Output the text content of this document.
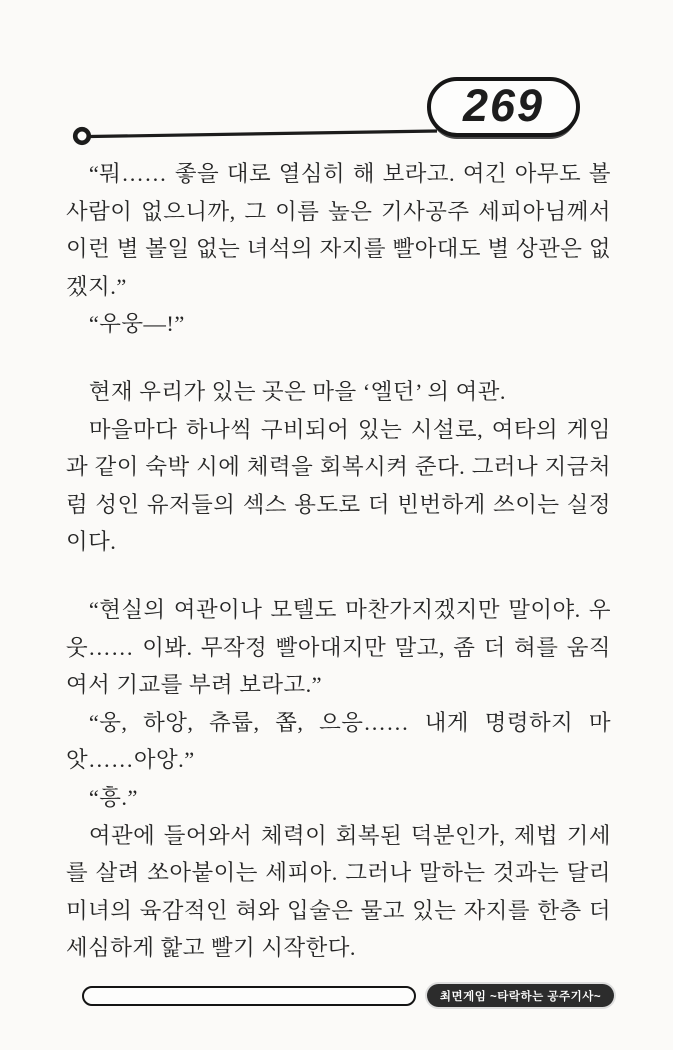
269

“뭐…… 좋을 대로 열심히 해 보라고. 여긴 아무도 볼 사람이 없으니까, 그 이름 높은 기사공주 세피아님께서 이런 별 볼일 없는 녀석의 자지를 빨아대도 별 상관은 없겠지.”

“우웅―!”

현재 우리가 있는 곳은 마을 ‘엘던’ 의 여관.

마을마다 하나씩 구비되어 있는 시설로, 여타의 게임과 같이 숙박 시에 체력을 회복시켜 준다. 그러나 지금처럼 성인 유저들의 섹스 용도로 더 빈번하게 쓰이는 실정이다.

“현실의 여관이나 모텔도 마찬가지겠지만 말이야. 우웃…… 이봐. 무작정 빨아대지만 말고, 좀 더 혀를 움직여서 기교를 부려 보라고.”

“웅, 하앙, 츄룹, 쫍, 으응…… 내게 명령하지 마앗……아앙.”

“흥.”

여관에 들어와서 체력이 회복된 덕분인가, 제법 기세를 살려 쏘아붙이는 세피아. 그러나 말하는 것과는 달리 미녀의 육감적인 혀와 입술은 물고 있는 자지를 한층 더 세심하게 핥고 빨기 시작한다.

최면게임 ~타락하는 공주기사~
